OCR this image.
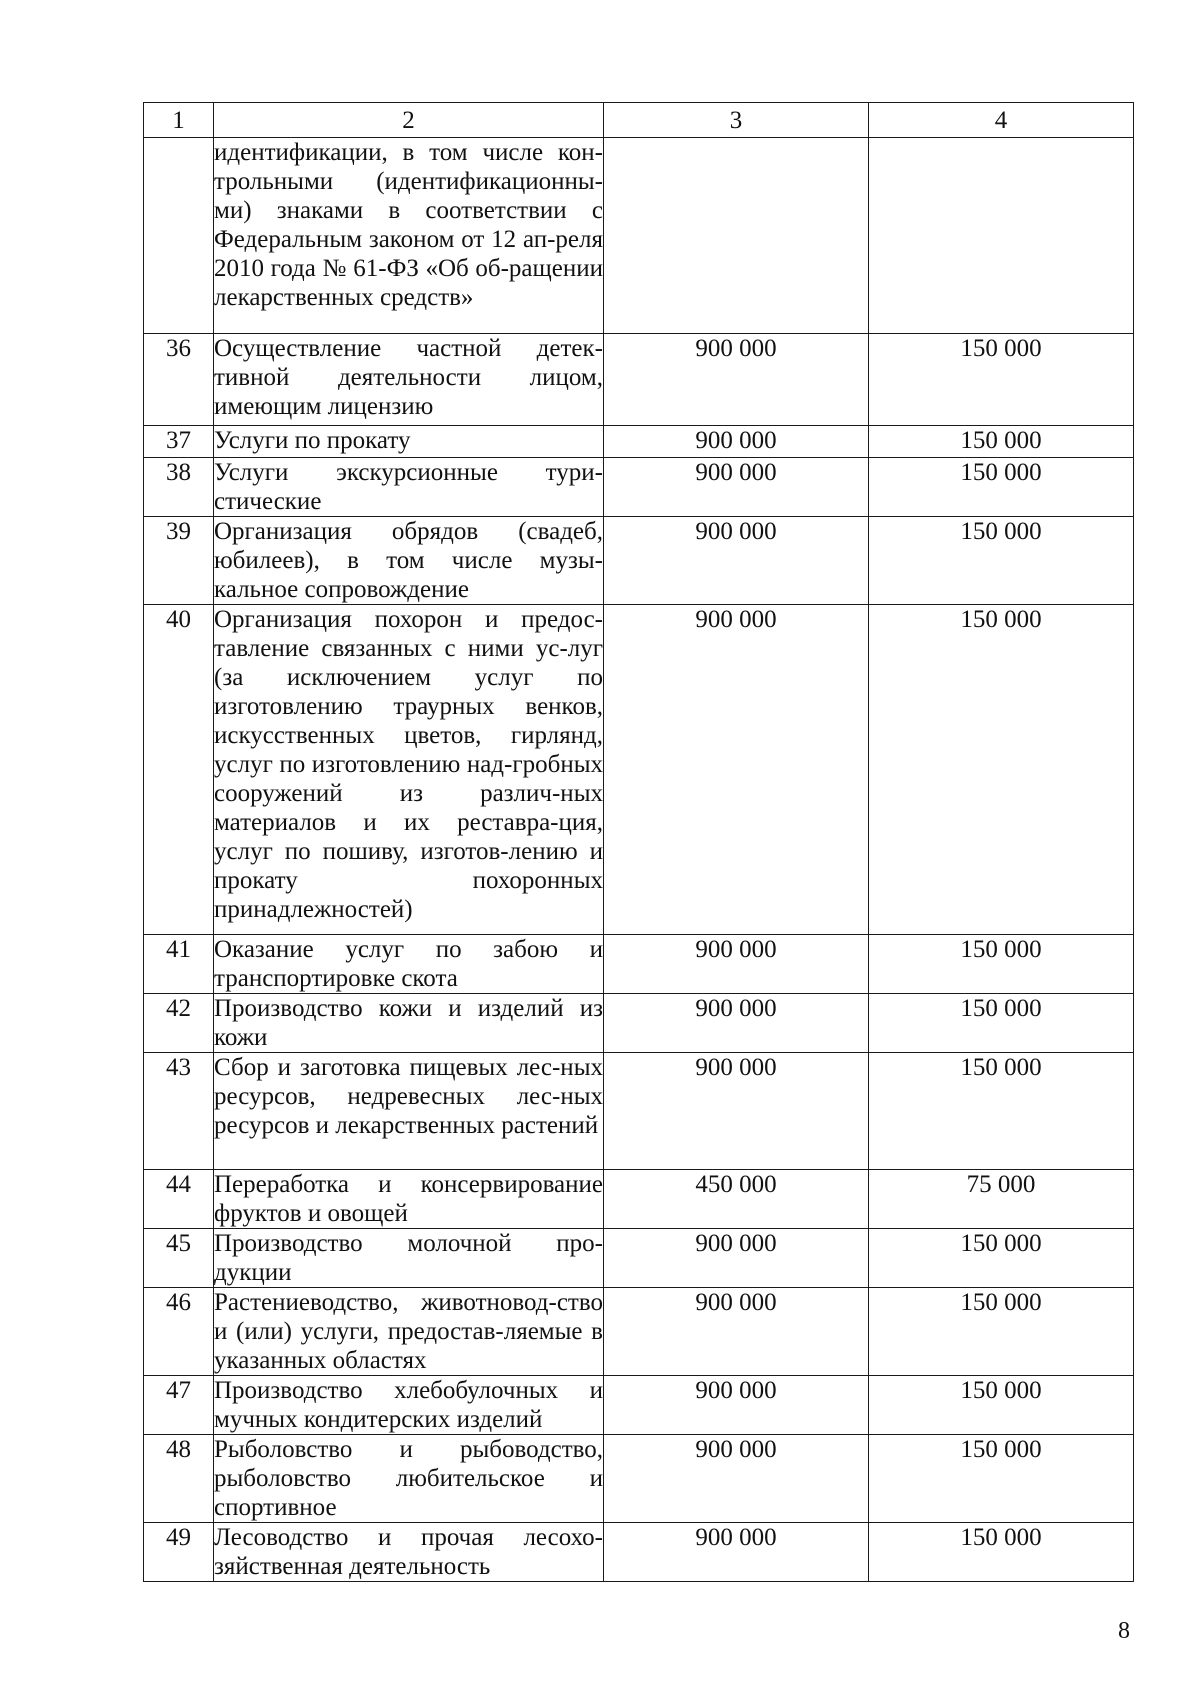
1	2	3	4
	идентификации, в том числе кон-трольными (идентификационны-ми) знаками в соответствии с Федеральным законом от 12 ап-реля 2010 года № 61-ФЗ «Об об-ращении лекарственных средств»		
36	Осуществление частной детек-тивной деятельности лицом, имеющим лицензию	900 000	150 000
37	Услуги по прокату	900 000	150 000
38	Услуги экскурсионные тури-стические	900 000	150 000
39	Организация обрядов (свадеб, юбилеев), в том числе музы-кальное сопровождение	900 000	150 000
40	Организация похорон и предос-тавление связанных с ними ус-луг (за исключением услуг по изготовлению траурных венков, искусственных цветов, гирлянд, услуг по изготовлению над-гробных сооружений из различ-ных материалов и их реставра-ция, услуг по пошиву, изготов-лению и прокату похоронных принадлежностей)	900 000	150 000
41	Оказание услуг по забою и транспортировке скота	900 000	150 000
42	Производство кожи и изделий из кожи	900 000	150 000
43	Сбор и заготовка пищевых лес-ных ресурсов, недревесных лес-ных ресурсов и лекарственных растений	900 000	150 000
44	Переработка и консервирование фруктов и овощей	450 000	75 000
45	Производство молочной про-дукции	900 000	150 000
46	Растениеводство, животновод-ство и (или) услуги, предостав-ляемые в указанных областях	900 000	150 000
47	Производство хлебобулочных и мучных кондитерских изделий	900 000	150 000
48	Рыболовство и рыбоводство, рыболовство любительское и спортивное	900 000	150 000
49	Лесоводство и прочая лесохо-зяйственная деятельность	900 000	150 000
8
